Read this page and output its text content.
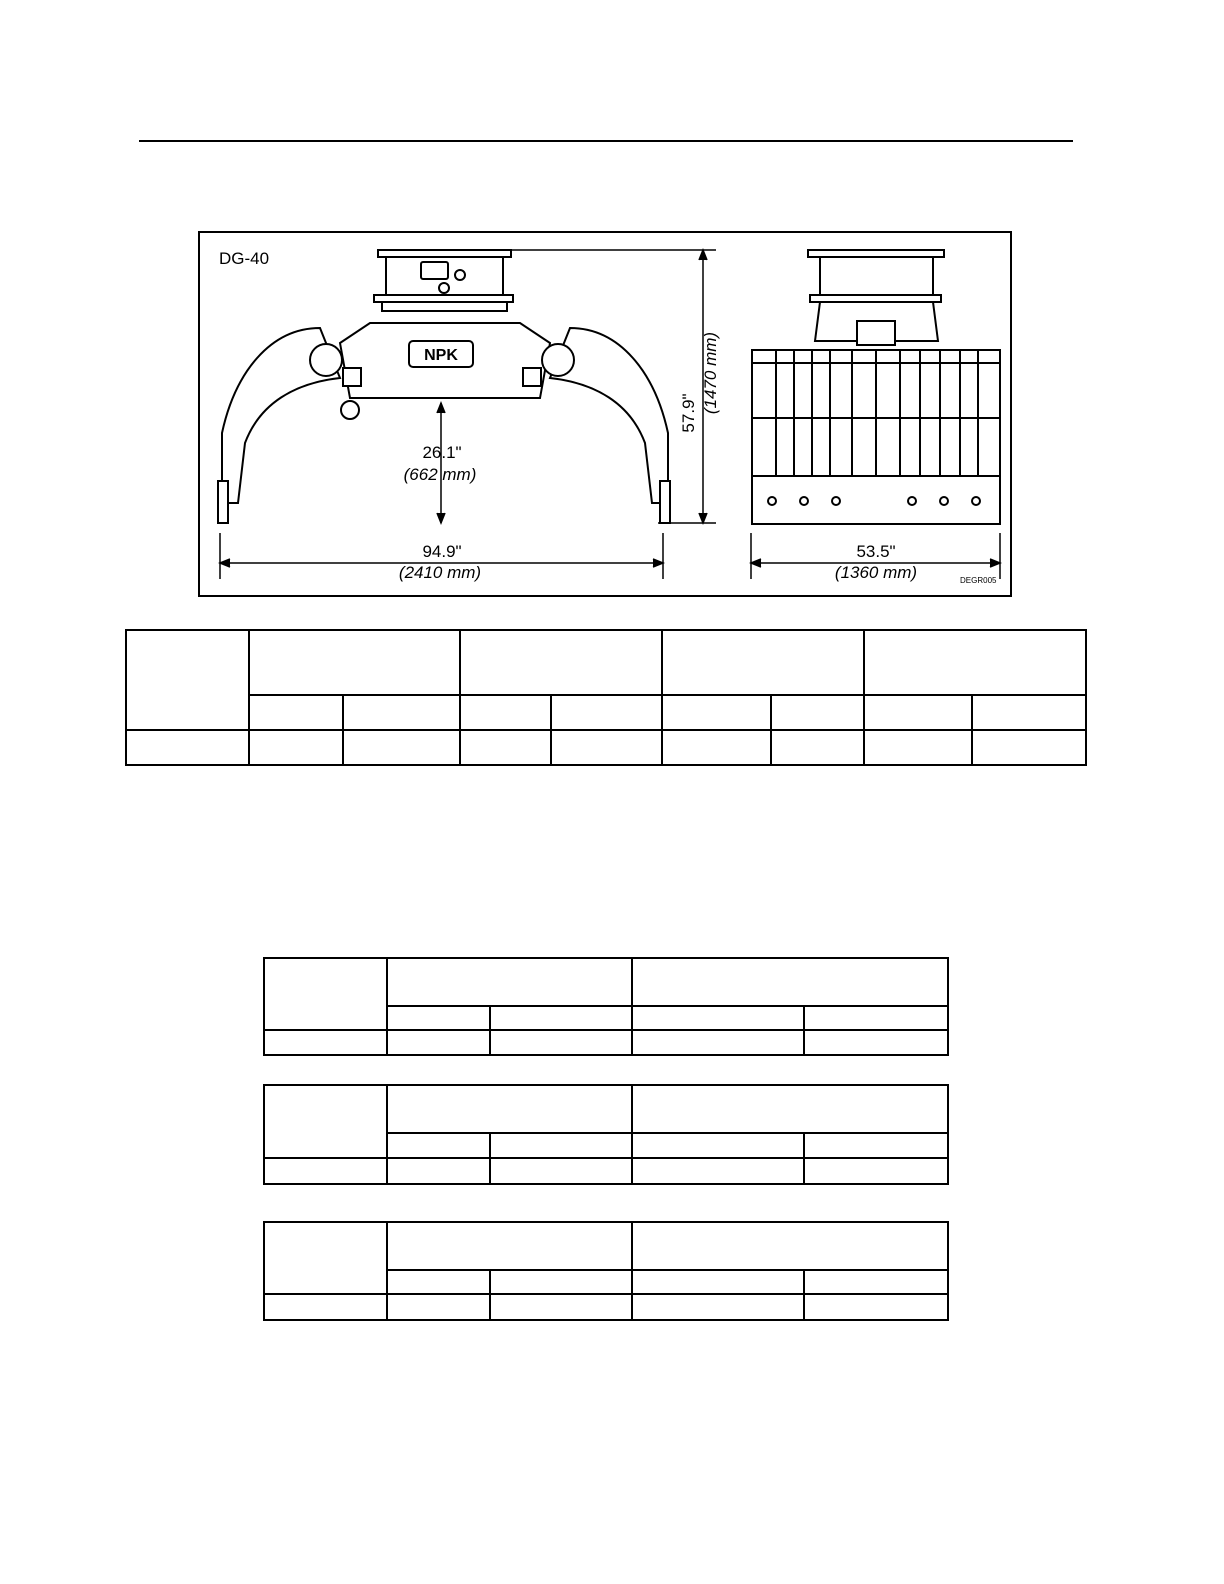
DG-40
NPK
57.9" (1470 mm)
26.1"
(662 mm)
94.9"
(2410 mm)
53.5"
(1360 mm)	DEGR005
